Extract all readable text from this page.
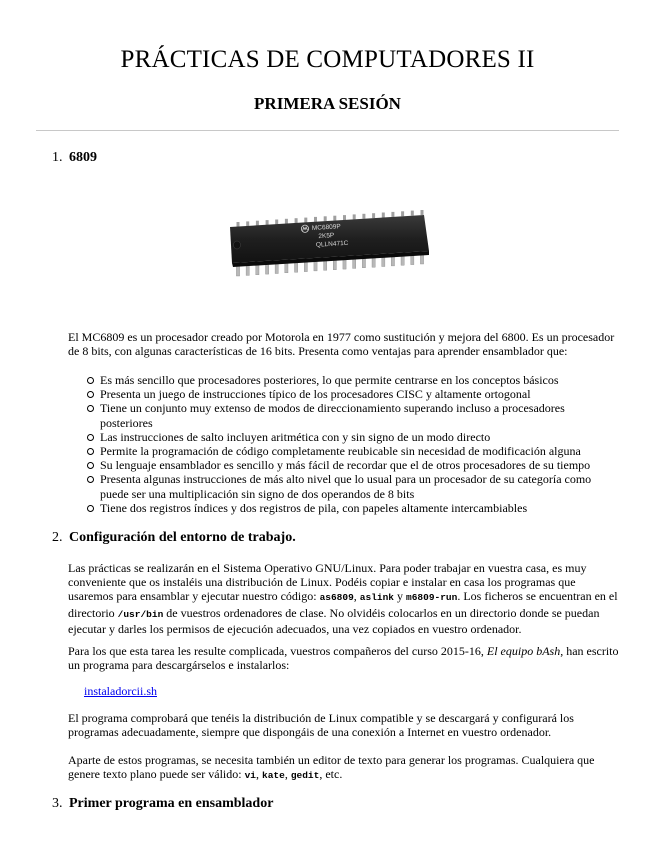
PRÁCTICAS DE COMPUTADORES II
PRIMERA SESIÓN
1. 6809
MC6809P
2K5P
QLLN471C
El MC6809 es un procesador creado por Motorola en 1977 como sustitución y mejora del 6800. Es un procesador de 8 bits, con algunas características de 16 bits. Presenta como ventajas para aprender ensamblador que:
Es más sencillo que procesadores posteriores, lo que permite centrarse en los conceptos básicos
Presenta un juego de instrucciones típico de los procesadores CISC y altamente ortogonal
Tiene un conjunto muy extenso de modos de direccionamiento superando incluso a procesadores posteriores
Las instrucciones de salto incluyen aritmética con y sin signo de un modo directo
Permite la programación de código completamente reubicable sin necesidad de modificación alguna
Su lenguaje ensamblador es sencillo y más fácil de recordar que el de otros procesadores de su tiempo
Presenta algunas instrucciones de más alto nivel que lo usual para un procesador de su categoría como puede ser una multiplicación sin signo de dos operandos de 8 bits
Tiene dos registros índices y dos registros de pila, con papeles altamente intercambiables
2. Configuración del entorno de trabajo.
Las prácticas se realizarán en el Sistema Operativo GNU/Linux. Para poder trabajar en vuestra casa, es muy conveniente que os instaléis una distribución de Linux. Podéis copiar e instalar en casa los programas que usaremos para ensamblar y ejecutar nuestro código: as6809, aslink y m6809-run. Los ficheros se encuentran en el directorio /usr/bin de vuestros ordenadores de clase. No olvidéis colocarlos en un directorio donde se puedan ejecutar y darles los permisos de ejecución adecuados, una vez copiados en vuestro ordenador.
Para los que esta tarea les resulte complicada, vuestros compañeros del curso 2015-16, El equipo bAsh, han escrito un programa para descargárselos e instalarlos:
instaladorcii.sh
El programa comprobará que tenéis la distribución de Linux compatible y se descargará y configurará los programas adecuadamente, siempre que dispongáis de una conexión a Internet en vuestro ordenador.
Aparte de estos programas, se necesita también un editor de texto para generar los programas. Cualquiera que genere texto plano puede ser válido: vi, kate, gedit, etc.
3. Primer programa en ensamblador
